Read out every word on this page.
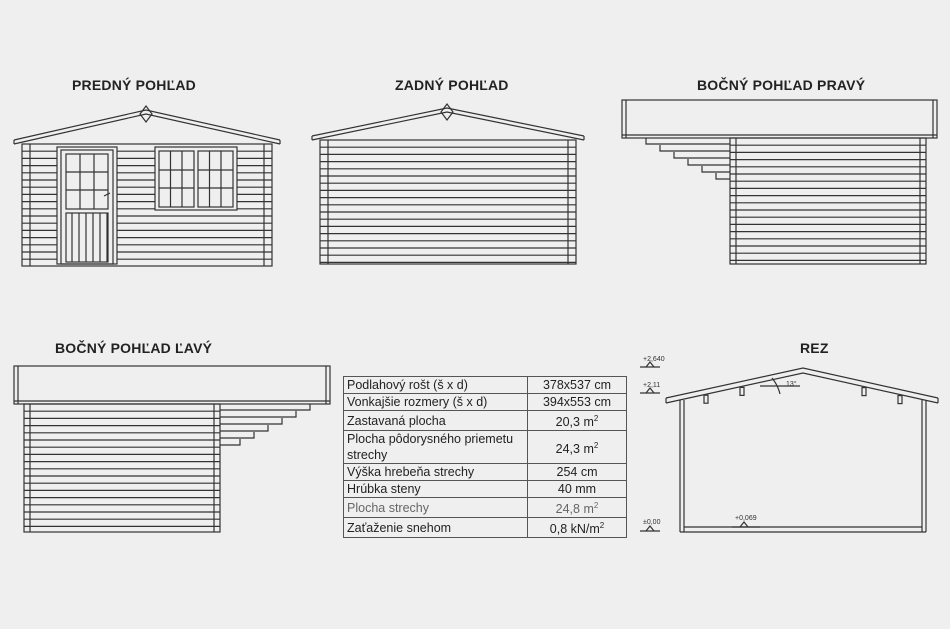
PREDNÝ POHĽAD	ZADNÝ POHĽAD	BOČNÝ POHĽAD PRAVÝ
BOČNÝ POHĽAD ĽAVÝ	REZ
+2,640
+2,11
±0,00
+0,069
13°
Podlahový rošt (š x d)	378x537 cm
Vonkajšie rozmery (š x d)	394x553 cm
Zastavaná plocha	20,3 $m^2$
Plocha pôdorysného priemetu strechy	24,3 $m^2$
Výška hrebeňa strechy	254 cm
Hrúbka steny	40 mm
Plocha strechy	24,8 $m^2$
Zaťaženie snehom	0,8 $kN/m^2$
